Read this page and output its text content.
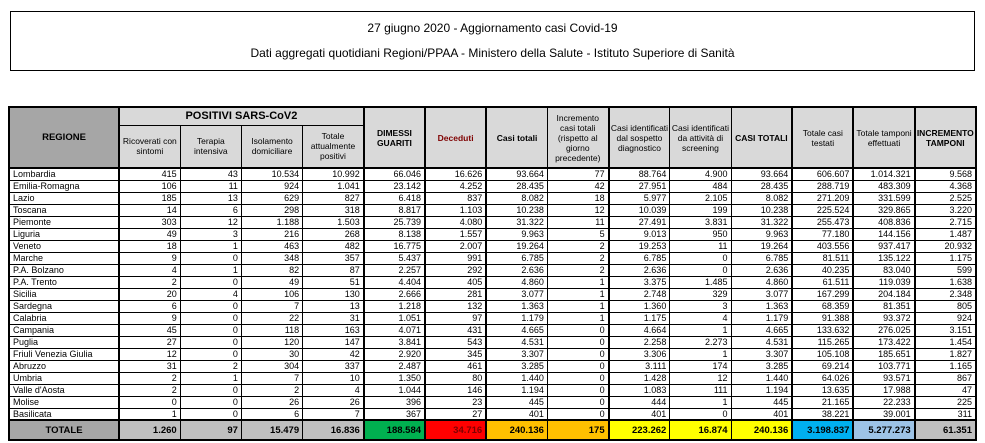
27 giugno 2020 - Aggiornamento casi Covid-19
Dati aggregati quotidiani Regioni/PPAA - Ministero della Salute - Istituto Superiore di Sanità
REGIONE	POSITIVI SARS-CoV2				DIMESSI GUARITI	Deceduti	Casi totali	Incremento casi totali (rispetto al giorno precedente)	Casi identificati dal sospetto diagnostico	Casi identificati da attività di screening	CASI TOTALI	Totale casi testati	Totale tamponi effettuati	INCREMENTO TAMPONI
	Ricoverati con sintomi	Terapia intensiva	Isolamento domiciliare	Totale attualmente positivi										
Lombardia	415	43	10.534	10.992	66.046	16.626	93.664	77	88.764	4.900	93.664	606.607	1.014.321	9.568
Emilia-Romagna	106	11	924	1.041	23.142	4.252	28.435	42	27.951	484	28.435	288.719	483.309	4.368
Lazio	185	13	629	827	6.418	837	8.082	18	5.977	2.105	8.082	271.209	331.599	2.525
Toscana	14	6	298	318	8.817	1.103	10.238	12	10.039	199	10.238	225.524	329.865	3.220
Piemonte	303	12	1.188	1.503	25.739	4.080	31.322	11	27.491	3.831	31.322	255.473	408.836	2.715
Liguria	49	3	216	268	8.138	1.557	9.963	5	9.013	950	9.963	77.180	144.156	1.487
Veneto	18	1	463	482	16.775	2.007	19.264	2	19.253	11	19.264	403.556	937.417	20.932
Marche	9	0	348	357	5.437	991	6.785	2	6.785	0	6.785	81.511	135.122	1.175
P.A. Bolzano	4	1	82	87	2.257	292	2.636	2	2.636	0	2.636	40.235	83.040	599
P.A. Trento	2	0	49	51	4.404	405	4.860	1	3.375	1.485	4.860	61.511	119.039	1.638
Sicilia	20	4	106	130	2.666	281	3.077	1	2.748	329	3.077	167.299	204.184	2.348
Sardegna	6	0	7	13	1.218	132	1.363	1	1.360	3	1.363	68.359	81.351	805
Calabria	9	0	22	31	1.051	97	1.179	1	1.175	4	1.179	91.388	93.372	924
Campania	45	0	118	163	4.071	431	4.665	0	4.664	1	4.665	133.632	276.025	3.151
Puglia	27	0	120	147	3.841	543	4.531	0	2.258	2.273	4.531	115.265	173.422	1.454
Friuli Venezia Giulia	12	0	30	42	2.920	345	3.307	0	3.306	1	3.307	105.108	185.651	1.827
Abruzzo	31	2	304	337	2.487	461	3.285	0	3.111	174	3.285	69.214	103.771	1.165
Umbria	2	1	7	10	1.350	80	1.440	0	1.428	12	1.440	64.026	93.571	867
Valle d'Aosta	2	0	2	4	1.044	146	1.194	0	1.083	111	1.194	13.635	17.988	47
Molise	0	0	26	26	396	23	445	0	444	1	445	21.165	22.233	225
Basilicata	1	0	6	7	367	27	401	0	401	0	401	38.221	39.001	311
TOTALE	1.260	97	15.479	16.836	188.584	34.716	240.136	175	223.262	16.874	240.136	3.198.837	5.277.273	61.351
